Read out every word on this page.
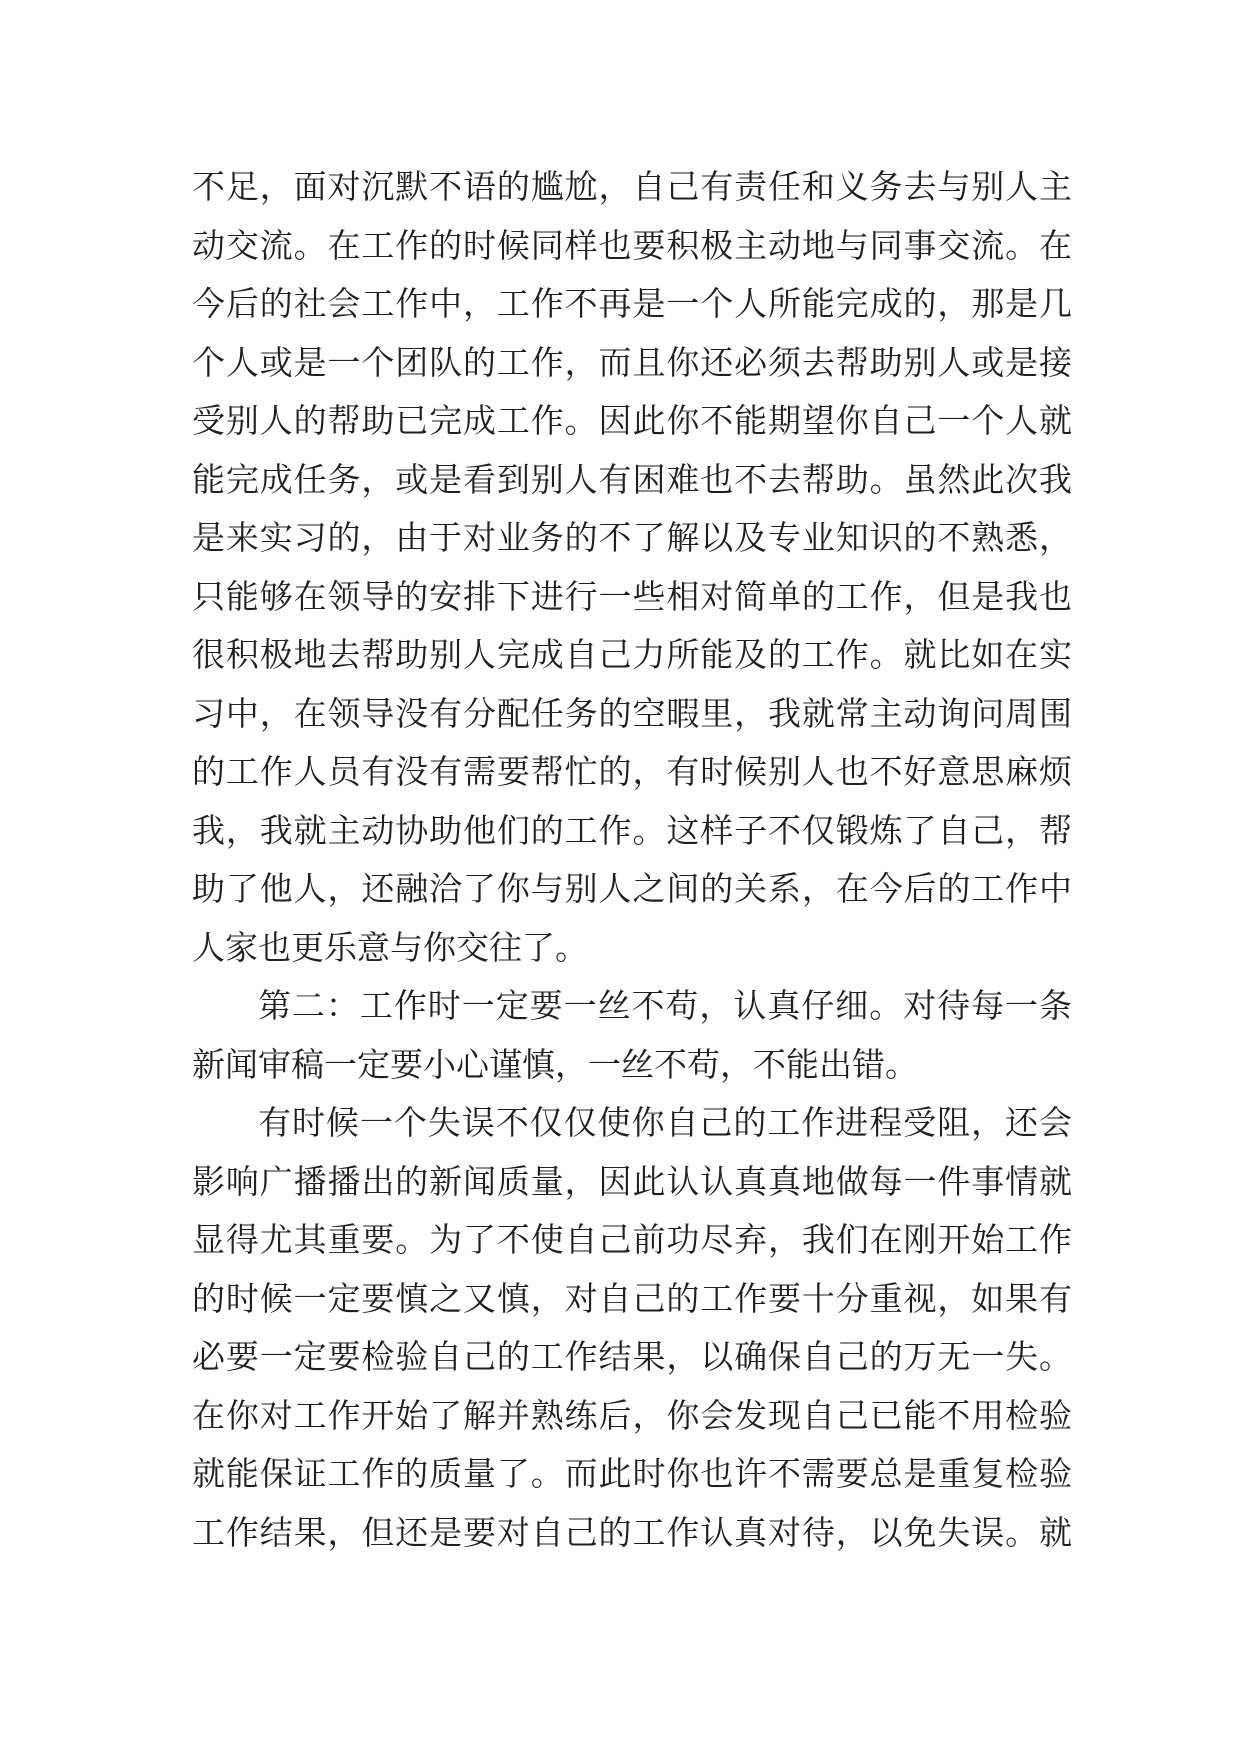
不足，面对沉默不语的尴尬，自己有责任和义务去与别人主
动交流。在工作的时候同样也要积极主动地与同事交流。在
今后的社会工作中，工作不再是一个人所能完成的，那是几
个人或是一个团队的工作，而且你还必须去帮助别人或是接
受别人的帮助已完成工作。因此你不能期望你自己一个人就
能完成任务，或是看到别人有困难也不去帮助。虽然此次我
是来实习的，由于对业务的不了解以及专业知识的不熟悉，
只能够在领导的安排下进行一些相对简单的工作，但是我也
很积极地去帮助别人完成自己力所能及的工作。就比如在实
习中，在领导没有分配任务的空暇里，我就常主动询问周围
的工作人员有没有需要帮忙的，有时候别人也不好意思麻烦
我，我就主动协助他们的工作。这样子不仅锻炼了自己，帮
助了他人，还融洽了你与别人之间的关系，在今后的工作中
人家也更乐意与你交往了。
第二：工作时一定要一丝不苟，认真仔细。对待每一条
新闻审稿一定要小心谨慎，一丝不苟，不能出错。
有时候一个失误不仅仅使你自己的工作进程受阻，还会
影响广播播出的新闻质量，因此认认真真地做每一件事情就
显得尤其重要。为了不使自己前功尽弃，我们在刚开始工作
的时候一定要慎之又慎，对自己的工作要十分重视，如果有
必要一定要检验自己的工作结果，以确保自己的万无一失。
在你对工作开始了解并熟练后，你会发现自己已能不用检验
就能保证工作的质量了。而此时你也许不需要总是重复检验
工作结果，但还是要对自己的工作认真对待，以免失误。就
